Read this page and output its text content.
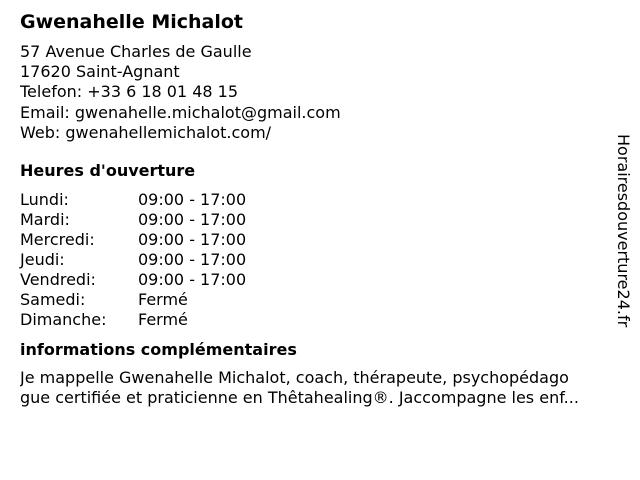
Gwenahelle Michalot
57 Avenue Charles de Gaulle
17620 Saint-Agnant
Telefon: +33 6 18 01 48 15
Email: gwenahelle.michalot@gmail.com
Web: gwenahellemichalot.com/
Heures d'ouverture
Lundi:	09:00 - 17:00
Mardi:	09:00 - 17:00
Mercredi:	09:00 - 17:00
Jeudi:	09:00 - 17:00
Vendredi:	09:00 - 17:00
Samedi:	Fermé
Dimanche:	Fermé
informations complémentaires
Je mappelle Gwenahelle Michalot, coach, thérapeute, psychopédago
gue certifiée et praticienne en Thêtahealing®. Jaccompagne les enf...
Horairesdouverture24.fr
